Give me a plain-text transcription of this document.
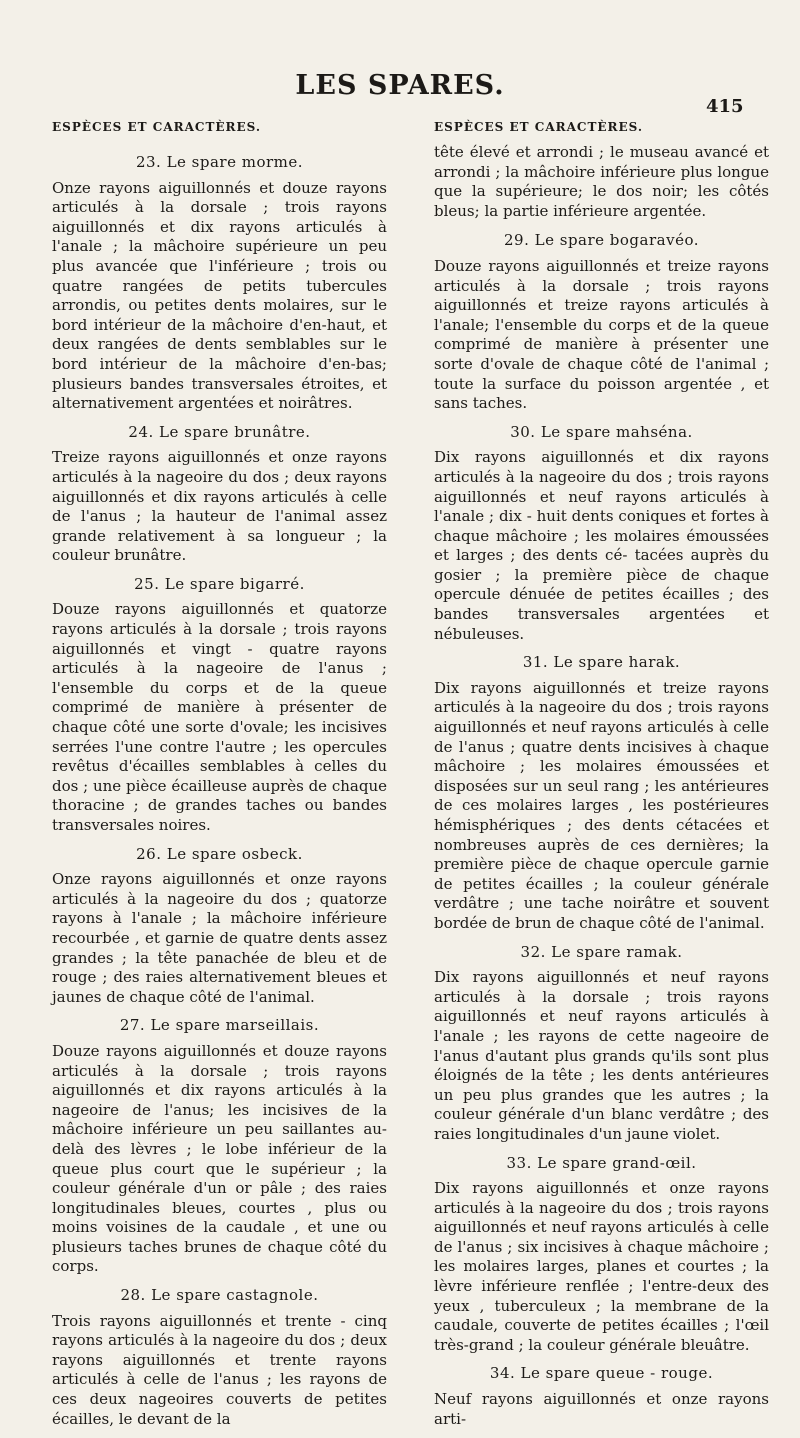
LES SPARES.
415
ESPÈCES ET CARACTÈRES.	ESPÈCES ET CARACTÈRES.
23. Le spare morme.

Onze rayons aiguillonnés et douze rayons articulés à la dorsale ; trois rayons aiguillonnés et dix rayons articulés à l'anale ; la mâchoire supérieure un peu plus avancée que l'inférieure ; trois ou quatre rangées de petits tubercules arrondis, ou petites dents molaires, sur le bord intérieur de la mâchoire d'en-haut, et deux rangées de dents semblables sur le bord intérieur de la mâchoire d'en-bas; plusieurs bandes transversales étroites, et alternativement argentées et noirâtres.

24. Le spare brunâtre.

Treize rayons aiguillonnés et onze rayons articulés à la nageoire du dos ; deux rayons aiguillonnés et dix rayons articulés à celle de l'anus ; la hauteur de l'animal assez grande relativement à sa longueur ; la couleur brunâtre.

25. Le spare bigarré.

Douze rayons aiguillonnés et quatorze rayons articulés à la dorsale ; trois rayons aiguillonnés et vingt - quatre rayons articulés à la nageoire de l'anus ; l'ensemble du corps et de la queue comprimé de manière à présenter de chaque côté une sorte d'ovale; les incisives serrées l'une contre l'autre ; les opercules revêtus d'écailles semblables à celles du dos ; une pièce écailleuse auprès de chaque thoracine ; de grandes taches ou bandes transversales noires.

26. Le spare osbeck.

Onze rayons aiguillonnés et onze rayons articulés à la nageoire du dos ; quatorze rayons à l'anale ; la mâchoire inférieure recourbée , et garnie de quatre dents assez grandes ; la tête panachée de bleu et de rouge ; des raies alternativement bleues et jaunes de chaque côté de l'animal.

27. Le spare marseillais.

Douze rayons aiguillonnés et douze rayons articulés à la dorsale ; trois rayons aiguillonnés et dix rayons articulés à la nageoire de l'anus; les incisives de la mâchoire inférieure un peu saillantes au-delà des lèvres ; le lobe inférieur de la queue plus court que le supérieur ; la couleur générale d'un or pâle ; des raies longitudinales bleues, courtes , plus ou moins voisines de la caudale , et une ou plusieurs taches brunes de chaque côté du corps.

28. Le spare castagnole.

Trois rayons aiguillonnés et trente - cinq rayons articulés à la nageoire du dos ; deux rayons aiguillonnés et trente rayons articulés à celle de l'anus ; les rayons de ces deux nageoires couverts de petites écailles, le devant de la

tête élevé et arrondi ; le museau avancé et arrondi ; la mâchoire inférieure plus longue que la supérieure; le dos noir; les côtés bleus; la partie inférieure argentée.

29. Le spare bogaravéo.

Douze rayons aiguillonnés et treize rayons articulés à la dorsale ; trois rayons aiguillonnés et treize rayons articulés à l'anale; l'ensemble du corps et de la queue comprimé de manière à présenter une sorte d'ovale de chaque côté de l'animal ; toute la surface du poisson argentée , et sans taches.

30. Le spare mahséna.

Dix rayons aiguillonnés et dix rayons articulés à la nageoire du dos ; trois rayons aiguillonnés et neuf rayons articulés à l'anale ; dix - huit dents coniques et fortes à chaque mâchoire ; les molaires émoussées et larges ; des dents cé- tacées auprès du gosier ; la première pièce de chaque opercule dénuée de petites écailles ; des bandes transversales argentées et nébuleuses.

31. Le spare harak.

Dix rayons aiguillonnés et treize rayons articulés à la nageoire du dos ; trois rayons aiguillonnés et neuf rayons articulés à celle de l'anus ; quatre dents incisives à chaque mâchoire ; les molaires émoussées et disposées sur un seul rang ; les antérieures de ces molaires larges , les postérieures hémisphériques ; des dents cétacées et nombreuses auprès de ces dernières; la première pièce de chaque opercule garnie de petites écailles ; la couleur générale verdâtre ; une tache noirâtre et souvent bordée de brun de chaque côté de l'animal.

32. Le spare ramak.

Dix rayons aiguillonnés et neuf rayons articulés à la dorsale ; trois rayons aiguillonnés et neuf rayons articulés à l'anale ; les rayons de cette nageoire de l'anus d'autant plus grands qu'ils sont plus éloignés de la tête ; les dents antérieures un peu plus grandes que les autres ; la couleur générale d'un blanc verdâtre ; des raies longitudinales d'un jaune violet.

33. Le spare grand-œil.

Dix rayons aiguillonnés et onze rayons articulés à la nageoire du dos ; trois rayons aiguillonnés et neuf rayons articulés à celle de l'anus ; six incisives à chaque mâchoire ; les molaires larges, planes et courtes ; la lèvre inférieure renflée ; l'entre-deux des yeux , tuberculeux ; la membrane de la caudale, couverte de petites écailles ; l'œil très-grand ; la couleur générale bleuâtre.

34. Le spare queue - rouge.

Neuf rayons aiguillonnés et onze rayons arti-
